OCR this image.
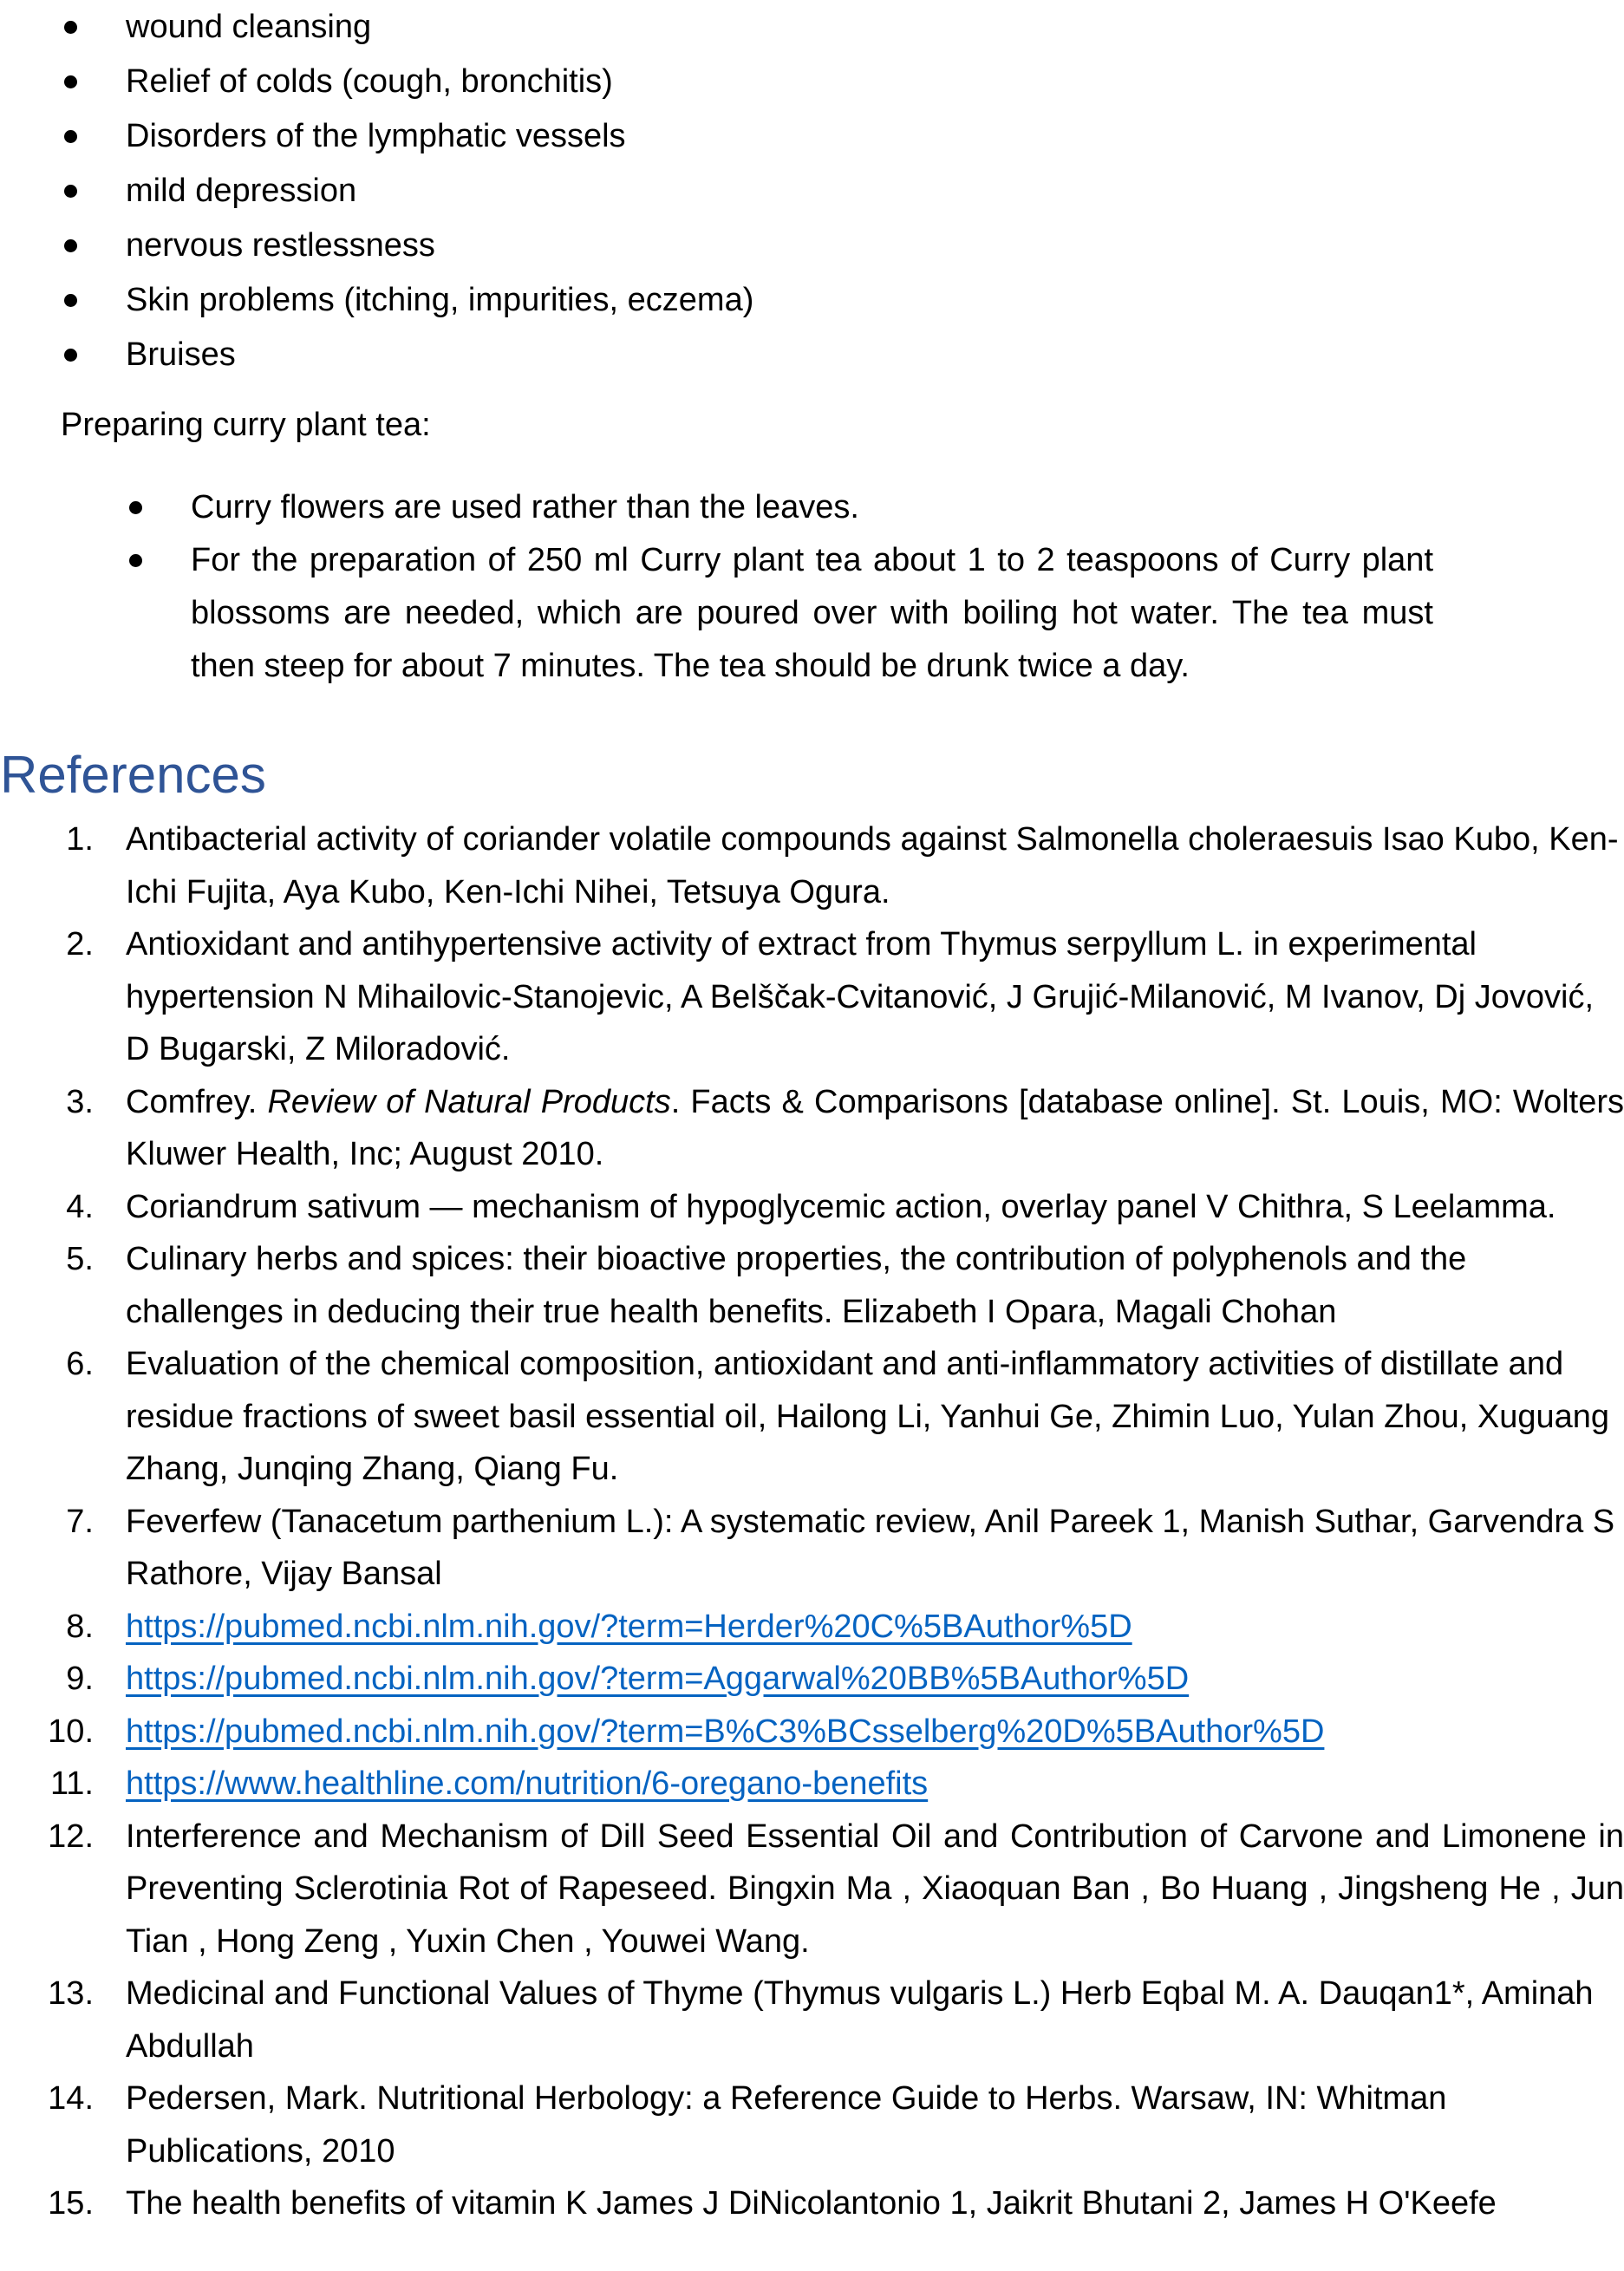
wound cleansing
Relief of colds (cough, bronchitis)
Disorders of the lymphatic vessels
mild depression
nervous restlessness
Skin problems (itching, impurities, eczema)
Bruises

Preparing curry plant tea:

Curry flowers are used rather than the leaves.
For the preparation of 250 ml Curry plant tea about 1 to 2 teaspoons of Curry plant blossoms are needed, which are poured over with boiling hot water. The tea must then steep for about 7 minutes. The tea should be drunk twice a day.
References
1. Antibacterial activity of coriander volatile compounds against Salmonella choleraesuis Isao Kubo, Ken-Ichi Fujita, Aya Kubo, Ken-Ichi Nihei, Tetsuya Ogura.
2. Antioxidant and antihypertensive activity of extract from Thymus serpyllum L. in experimental hypertension N Mihailovic-Stanojevic, A Belščak-Cvitanović, J Grujić-Milanović, M Ivanov, Dj Jovović, D Bugarski, Z Miloradović.
3. Comfrey. Review of Natural Products. Facts & Comparisons [database online]. St. Louis, MO: Wolters Kluwer Health, Inc; August 2010.
4. Coriandrum sativum — mechanism of hypoglycemic action, overlay panel V Chithra, S Leelamma.
5. Culinary herbs and spices: their bioactive properties, the contribution of polyphenols and the challenges in deducing their true health benefits. Elizabeth I Opara, Magali Chohan
6. Evaluation of the chemical composition, antioxidant and anti-inflammatory activities of distillate and residue fractions of sweet basil essential oil, Hailong Li, Yanhui Ge, Zhimin Luo, Yulan Zhou, Xuguang Zhang, Junqing Zhang, Qiang Fu.
7. Feverfew (Tanacetum parthenium L.): A systematic review, Anil Pareek 1, Manish Suthar, Garvendra S Rathore, Vijay Bansal
8. https://pubmed.ncbi.nlm.nih.gov/?term=Herder%20C%5BAuthor%5D
9. https://pubmed.ncbi.nlm.nih.gov/?term=Aggarwal%20BB%5BAuthor%5D
10. https://pubmed.ncbi.nlm.nih.gov/?term=B%C3%BCsselberg%20D%5BAuthor%5D
11. https://www.healthline.com/nutrition/6-oregano-benefits
12. Interference and Mechanism of Dill Seed Essential Oil and Contribution of Carvone and Limonene in Preventing Sclerotinia Rot of Rapeseed. Bingxin Ma , Xiaoquan Ban , Bo Huang , Jingsheng He , Jun Tian , Hong Zeng , Yuxin Chen , Youwei Wang.
13. Medicinal and Functional Values of Thyme (Thymus vulgaris L.) Herb Eqbal M. A. Dauqan1*, Aminah Abdullah
14. Pedersen, Mark. Nutritional Herbology: a Reference Guide to Herbs. Warsaw, IN: Whitman Publications, 2010
15. The health benefits of vitamin K James J DiNicolantonio 1, Jaikrit Bhutani 2, James H O'Keefe
